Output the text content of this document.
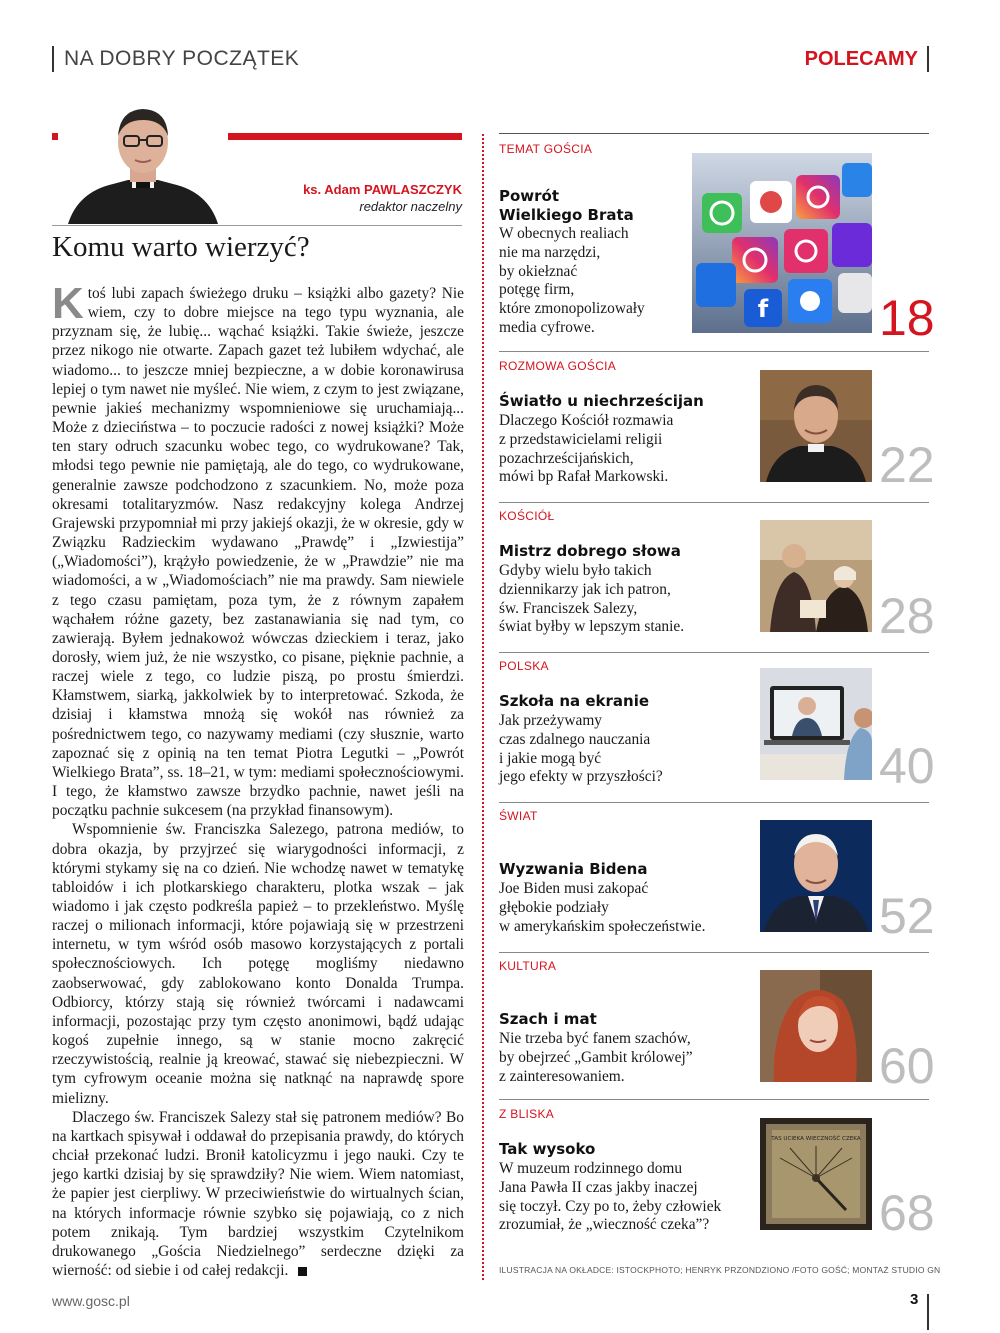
NA DOBRY POCZĄTEK	POLECAMY
ks. Adam PAWLASZCZYK
redaktor naczelny
Komu warto wierzyć?

Ktoś lubi zapach świeżego druku – książki albo gazety? Nie wiem, czy to dobre miejsce na tego typu wyznania, ale przyznam się, że lubię... wąchać książki. Takie świeże, jeszcze przez nikogo nie otwarte. Zapach gazet też lubiłem wdychać, ale wiadomo... to jeszcze mniej bezpieczne, a w dobie koronawirusa lepiej o tym nawet nie myśleć. Nie wiem, z czym to jest związane, pewnie jakieś mechanizmy wspomnieniowe się uruchamiają... Może z dzieciństwa – to poczucie radości z nowej książki? Może ten stary odruch szacunku wobec tego, co wydrukowane? Tak, młodsi tego pewnie nie pamiętają, ale do tego, co wydrukowane, generalnie zawsze podchodzono z szacunkiem. No, może poza okresami totalitaryzmów. Nasz redakcyjny kolega Andrzej Grajewski przypomniał mi przy jakiejś okazji, że w okresie, gdy w Związku Radzieckim wydawano „Prawdę” i „Izwiestija” („Wiadomości”), krążyło powiedzenie, że w „Prawdzie” nie ma wiadomości, a w „Wiadomościach” nie ma prawdy. Sam niewiele z tego czasu pamiętam, poza tym, że z równym zapałem wąchałem różne gazety, bez zastanawiania się nad tym, co zawierają. Byłem jednakowoż wówczas dzieckiem i teraz, jako dorosły, wiem już, że nie wszystko, co pisane, pięknie pachnie, a raczej wiele z tego, co ludzie piszą, po prostu śmierdzi. Kłamstwem, siarką, jakkolwiek by to interpretować. Szkoda, że dzisiaj i kłamstwa mnożą się wokół nas również za pośrednictwem tego, co nazywamy mediami (czy słusznie, warto zapoznać się z opinią na ten temat Piotra Legutki – „Powrót Wielkiego Brata”, ss. 18–21, w tym: mediami społecznościowymi. I tego, że kłamstwo zawsze brzydko pachnie, nawet jeśli na początku pachnie sukcesem (na przykład finansowym).

Wspomnienie św. Franciszka Salezego, patrona mediów, to dobra okazja, by przyjrzeć się wiarygodności informacji, z którymi stykamy się na co dzień. Nie wchodzę nawet w tematykę tabloidów i ich plotkarskiego charakteru, plotka wszak – jak wiadomo i jak często podkreśla papież – to przekleństwo. Myślę raczej o milionach informacji, które pojawiają się w przestrzeni internetu, w tym wśród osób masowo korzystających z portali społecznościowych. Ich potęgę mogliśmy niedawno zaobserwować, gdy zablokowano konto Donalda Trumpa. Odbiorcy, którzy stają się również twórcami i nadawcami informacji, pozostając przy tym często anonimowi, bądź udając kogoś zupełnie innego, są w stanie mocno zakręcić rzeczywistością, realnie ją kreować, stawać się niebezpieczni. W tym cyfrowym oceanie można się natknąć na naprawdę spore mielizny.

Dlaczego św. Franciszek Salezy stał się patronem mediów? Bo na kartkach spisywał i oddawał do przepisania prawdy, do których chciał przekonać ludzi. Bronił katolicyzmu i jego nauki. Czy te jego kartki dzisiaj by się sprawdziły? Nie wiem. Wiem natomiast, że papier jest cierpliwy. W przeciwieństwie do wirtualnych ścian, na których informacje równie szybko się pojawiają, co z nich potem znikają. Tym bardziej wszystkim Czytelnikom drukowanego „Gościa Niedzielnego” serdeczne dzięki za wierność: od siebie i od całej redakcji.

TEMAT GOŚCIA
Powrót
Wielkiego Brata
W obecnych realiach
nie ma narzędzi,
by okiełznać
potęgę firm,
które zmonopolizowały
media cyfrowe.
f 18
ROZMOWA GOŚCIA
Światło u niechrześcijan
Dlaczego Kościół rozmawia
z przedstawicielami religii
pozachrześcijańskich,
mówi bp Rafał Markowski.	22
KOŚCIÓŁ
Mistrz dobrego słowa
Gdyby wielu było takich
dziennikarzy jak ich patron,
św. Franciszek Salezy,
świat byłby w lepszym stanie.	28
POLSKA
Szkoła na ekranie
Jak przeżywamy
czas zdalnego nauczania
i jakie mogą być
jego efekty w przyszłości?	40
ŚWIAT
Wyzwania Bidena
Joe Biden musi zakopać
głębokie podziały
w amerykańskim społeczeństwie.	52
KULTURA
Szach i mat
Nie trzeba być fanem szachów,
by obejrzeć „Gambit królowej”
z zainteresowaniem.	60
Z BLISKA
Tak wysoko
W muzeum rodzinnego domu
Jana Pawła II czas jakby inaczej
się toczył. Czy po to, żeby człowiek
zrozumiał, że „wieczność czeka”?
TAS UCIEKA WIECZNOŚĆ CZEKA
68
ILUSTRACJA NA OKŁADCE: ISTOCKPHOTO; HENRYK PRZONDZIONO /FOTO GOŚĆ; MONTAŻ STUDIO GN
www.gosc.pl	3
